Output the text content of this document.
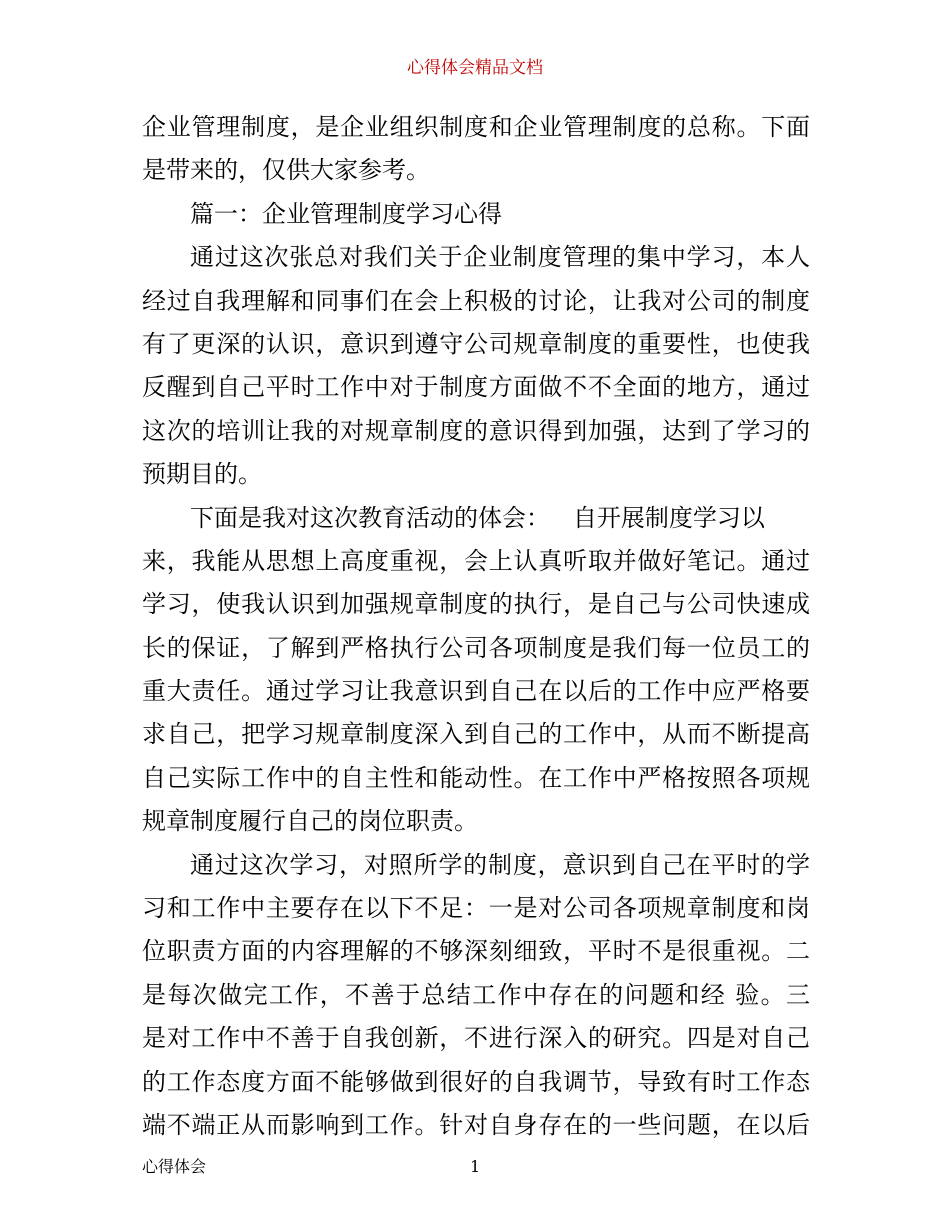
心得体会精品文档
企业管理制度，是企业组织制度和企业管理制度的总称。下面
是带来的，仅供大家参考。
篇一：企业管理制度学习心得
通过这次张总对我们关于企业制度管理的集中学习，本人
经过自我理解和同事们在会上积极的讨论，让我对公司的制度
有了更深的认识，意识到遵守公司规章制度的重要性，也使我
反醒到自己平时工作中对于制度方面做不不全面的地方，通过
这次的培训让我的对规章制度的意识得到加强，达到了学习的
预期目的。
下面是我对这次教育活动的体会：   自开展制度学习以
来，我能从思想上高度重视，会上认真听取并做好笔记。通过
学习，使我认识到加强规章制度的执行，是自己与公司快速成
长的保证，了解到严格执行公司各项制度是我们每一位员工的
重大责任。通过学习让我意识到自己在以后的工作中应严格要
求自己，把学习规章制度深入到自己的工作中，从而不断提高
自己实际工作中的自主性和能动性。在工作中严格按照各项规
规章制度履行自己的岗位职责。
通过这次学习，对照所学的制度，意识到自己在平时的学
习和工作中主要存在以下不足：一是对公司各项规章制度和岗
位职责方面的内容理解的不够深刻细致，平时不是很重视。二
是每次做完工作，不善于总结工作中存在的问题和经 验。三
是对工作中不善于自我创新，不进行深入的研究。四是对自己
的工作态度方面不能够做到很好的自我调节，导致有时工作态
端不端正从而影响到工作。针对自身存在的一些问题，在以后
心得体会	1
